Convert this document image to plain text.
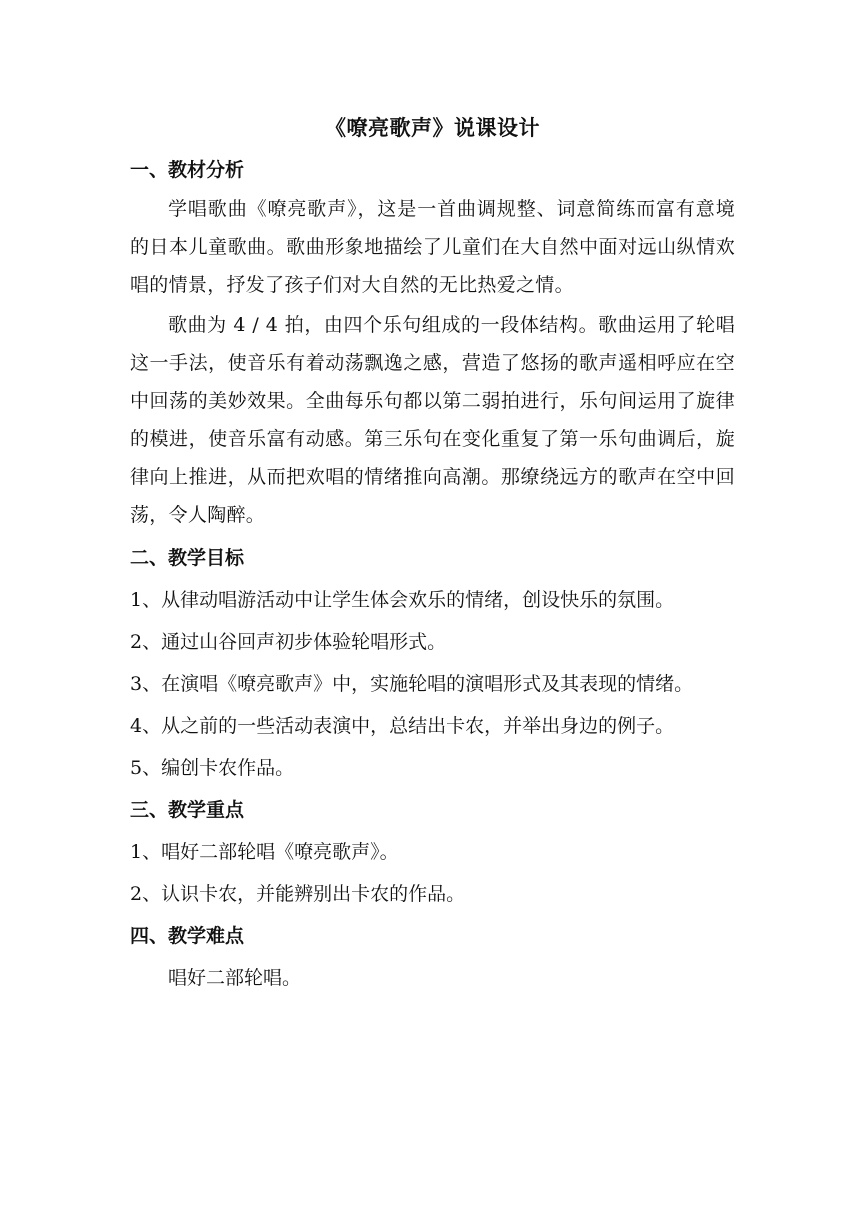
《嘹亮歌声》说课设计
一、教材分析

学唱歌曲《嘹亮歌声》，这是一首曲调规整、词意简练而富有意境的日本儿童歌曲。歌曲形象地描绘了儿童们在大自然中面对远山纵情欢唱的情景，抒发了孩子们对大自然的无比热爱之情。

歌曲为 4 / 4 拍，由四个乐句组成的一段体结构。歌曲运用了轮唱这一手法，使音乐有着动荡飘逸之感，营造了悠扬的歌声遥相呼应在空中回荡的美妙效果。全曲每乐句都以第二弱拍进行，乐句间运用了旋律的模进，使音乐富有动感。第三乐句在变化重复了第一乐句曲调后，旋律向上推进，从而把欢唱的情绪推向高潮。那缭绕远方的歌声在空中回荡，令人陶醉。

二、教学目标

1、从律动唱游活动中让学生体会欢乐的情绪，创设快乐的氛围。

2、通过山谷回声初步体验轮唱形式。

3、在演唱《嘹亮歌声》中，实施轮唱的演唱形式及其表现的情绪。

4、从之前的一些活动表演中，总结出卡农，并举出身边的例子。

5、编创卡农作品。

三、教学重点

1、唱好二部轮唱《嘹亮歌声》。

2、认识卡农，并能辨别出卡农的作品。

四、教学难点

唱好二部轮唱。
